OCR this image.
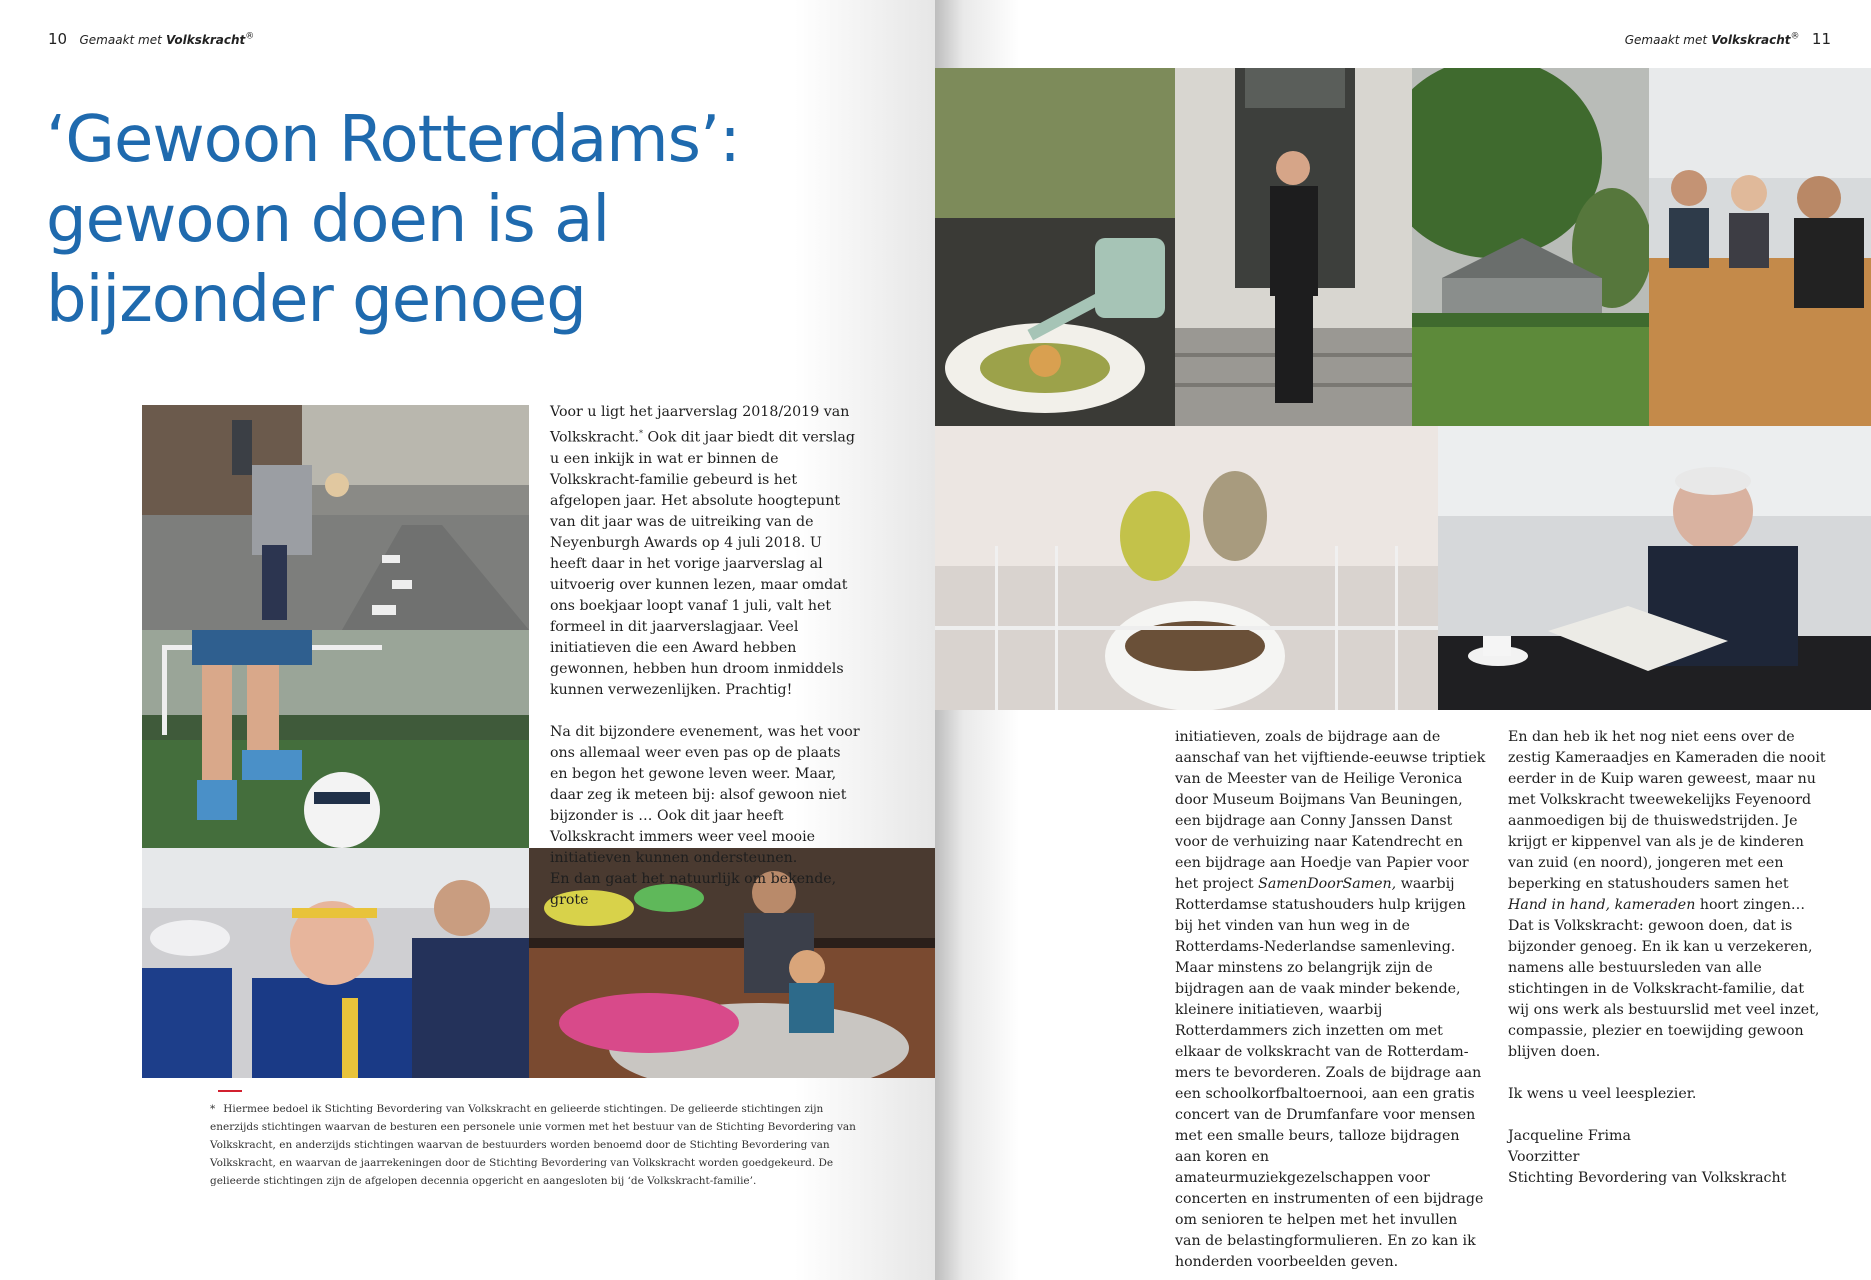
10 Gemaakt met Volkskracht®
‘Gewoon Rotterdams’:
gewoon doen is al
bijzonder genoeg

Voor u ligt het jaarverslag 2018/2019 van Volkskracht.* Ook dit jaar biedt dit verslag u een inkijk in wat er binnen de Volkskracht-familie gebeurd is het afgelopen jaar. Het absolute hoogtepunt van dit jaar was de uitreiking van de Neyenburgh Awards op 4 juli 2018. U heeft daar in het vorige jaarverslag al uitvoerig over kunnen lezen, maar omdat ons boekjaar loopt vanaf 1 juli, valt het formeel in dit jaarverslagjaar. Veel initiatieven die een Award hebben gewonnen, hebben hun droom inmiddels kunnen verwezenlijken. Prachtig!

Na dit bijzondere evenement, was het voor ons allemaal weer even pas op de plaats en begon het gewone leven weer. Maar, daar zeg ik meteen bij: alsof gewoon niet bijzonder is … Ook dit jaar heeft Volkskracht immers weer veel mooie initiatieven kunnen ondersteunen.

En dan gaat het natuurlijk om bekende, grote

* Hiermee bedoel ik Stichting Bevordering van Volkskracht en gelieerde stichtingen. De gelieerde stichtingen zijn enerzijds stichtingen waarvan de besturen een personele unie vormen met het bestuur van de Stichting Bevordering van Volkskracht, en anderzijds stichtingen waarvan de bestuurders worden benoemd door de Stichting Bevordering van Volkskracht, en waarvan de jaarrekeningen door de Stichting Bevordering van Volkskracht worden goedgekeurd. De gelieerde stichtingen zijn de afgelopen decennia opgericht en aangesloten bij ‘de Volkskracht-familie’.
Gemaakt met Volkskracht® 11

initiatieven, zoals de bijdrage aan de aanschaf van het vijftiende-eeuwse triptiek van de Meester van de Heilige Veronica door Museum Boijmans Van Beuningen, een bijdrage aan Conny Janssen Danst voor de verhuizing naar Katendrecht en een bijdrage aan Hoedje van Papier voor het project SamenDoorSamen, waarbij Rotterdamse statushouders hulp krijgen bij het vinden van hun weg in de Rotterdams-Nederlandse samenleving.

Maar minstens zo belangrijk zijn de bijdragen aan de vaak minder bekende, kleinere initiatieven, waarbij Rotterdammers zich inzetten om met elkaar de volkskracht van de Rotterdammers te bevorderen. Zoals de bijdrage aan een schoolkorfbaltoernooi, aan een gratis concert van de Drumfanfare voor mensen met een smalle beurs, talloze bijdragen aan koren en amateurmuziekgezelschappen voor concerten en instrumenten of een bijdrage om senioren te helpen met het invullen van de belastingformulieren. En zo kan ik honderden voorbeelden geven.

En dan heb ik het nog niet eens over de zestig Kameraadjes en Kameraden die nooit eerder in de Kuip waren geweest, maar nu met Volkskracht tweewekelijks Feyenoord aanmoedigen bij de thuiswedstrijden. Je krijgt er kippenvel van als je de kinderen van zuid (en noord), jongeren met een beperking en statushouders samen het Hand in hand, kameraden hoort zingen…

Dat is Volkskracht: gewoon doen, dat is bijzonder genoeg. En ik kan u verzekeren, namens alle bestuursleden van alle stichtingen in de Volkskracht-familie, dat wij ons werk als bestuurslid met veel inzet, compassie, plezier en toewijding gewoon blijven doen.

Ik wens u veel leesplezier.

Jacqueline Frima

Voorzitter

Stichting Bevordering van Volkskracht
